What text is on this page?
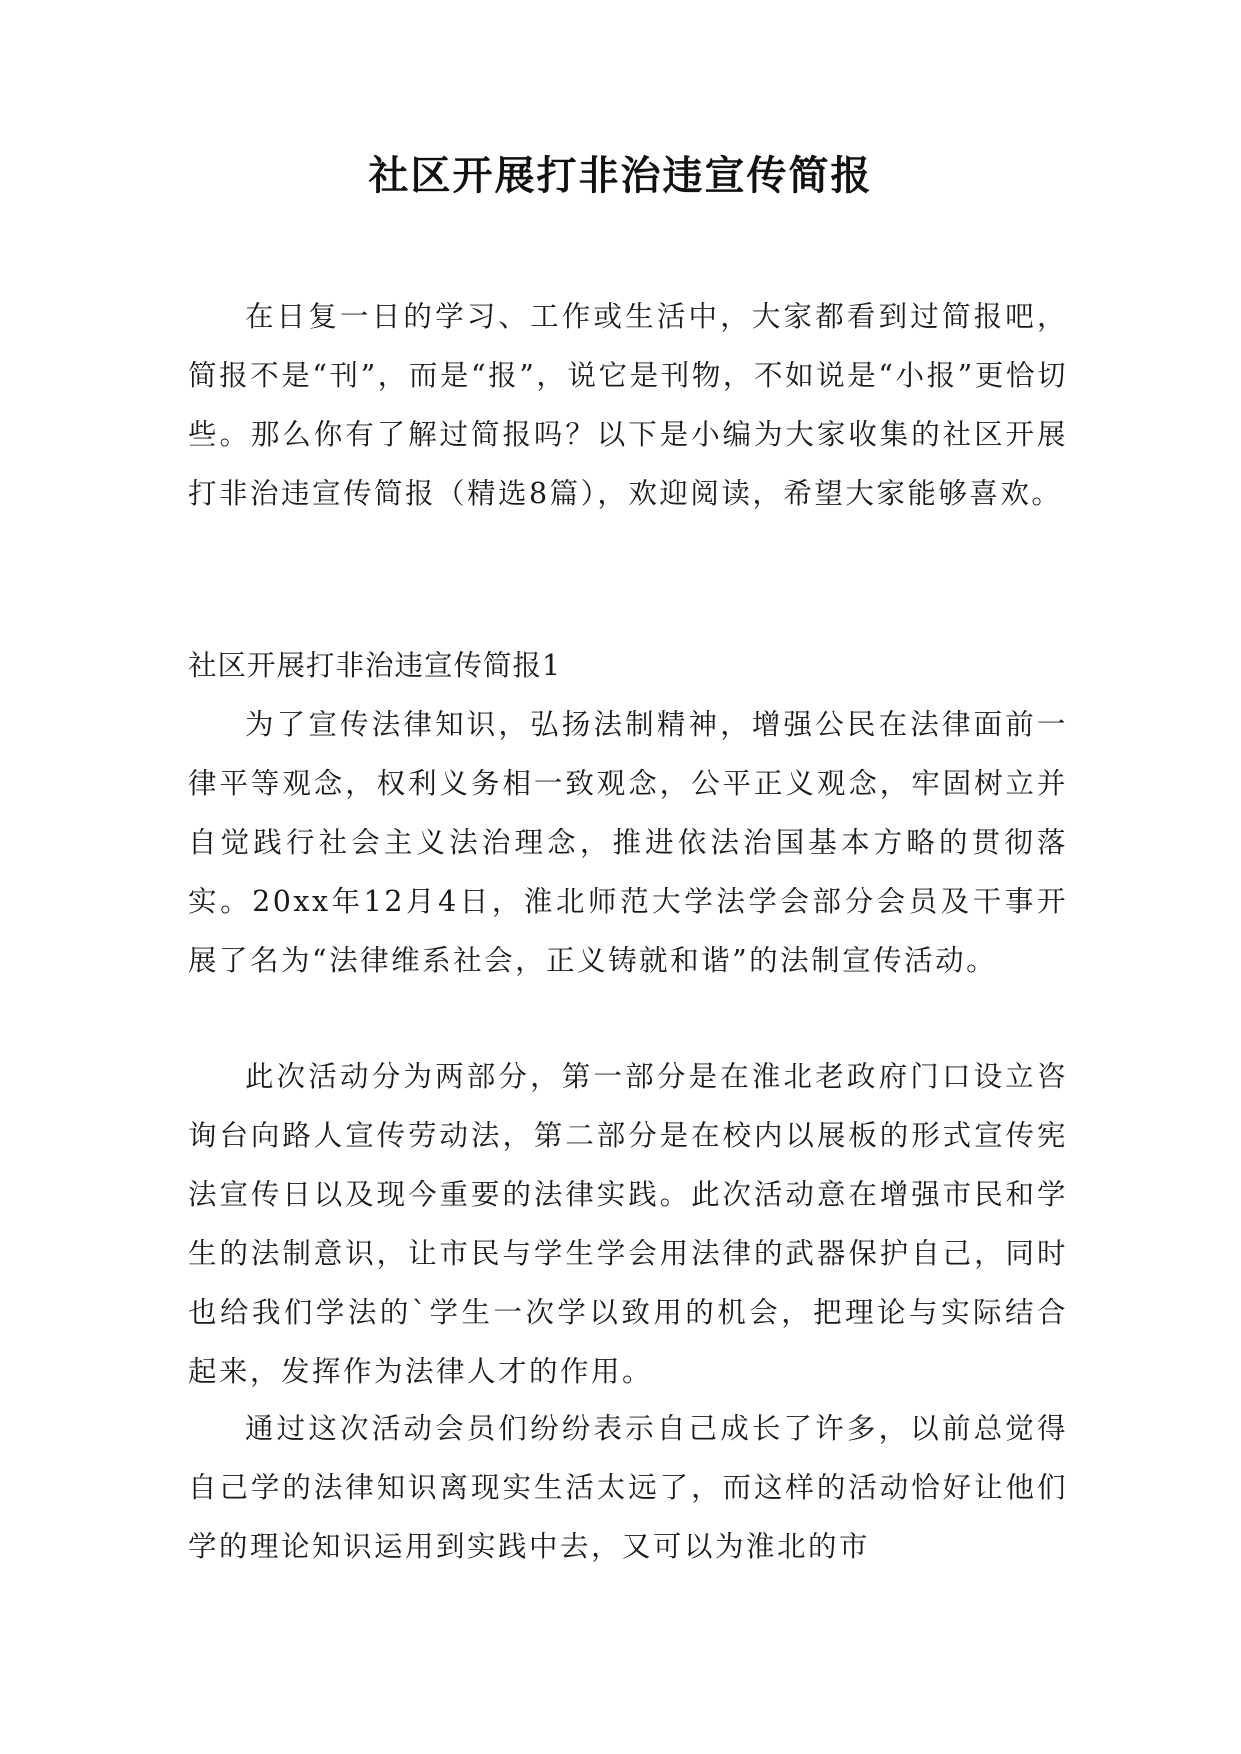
社区开展打非治违宣传简报

在日复一日的学习、工作或生活中，大家都看到过简报吧，简报不是“刊”，而是“报”，说它是刊物，不如说是“小报”更恰切些。那么你有了解过简报吗？以下是小编为大家收集的社区开展打非治违宣传简报（精选8篇），欢迎阅读，希望大家能够喜欢。

社区开展打非治违宣传简报1

为了宣传法律知识，弘扬法制精神，增强公民在法律面前一律平等观念，权利义务相一致观念，公平正义观念，牢固树立并自觉践行社会主义法治理念，推进依法治国基本方略的贯彻落实。20xx年12月4日，淮北师范大学法学会部分会员及干事开展了名为“法律维系社会，正义铸就和谐”的法制宣传活动。

此次活动分为两部分，第一部分是在淮北老政府门口设立咨询台向路人宣传劳动法，第二部分是在校内以展板的形式宣传宪法宣传日以及现今重要的法律实践。此次活动意在增强市民和学生的法制意识，让市民与学生学会用法律的武器保护自己，同时也给我们学法的`学生一次学以致用的机会，把理论与实际结合起来，发挥作为法律人才的作用。

通过这次活动会员们纷纷表示自己成长了许多，以前总觉得自己学的法律知识离现实生活太远了，而这样的活动恰好让他们学的理论知识运用到实践中去，又可以为淮北的市
